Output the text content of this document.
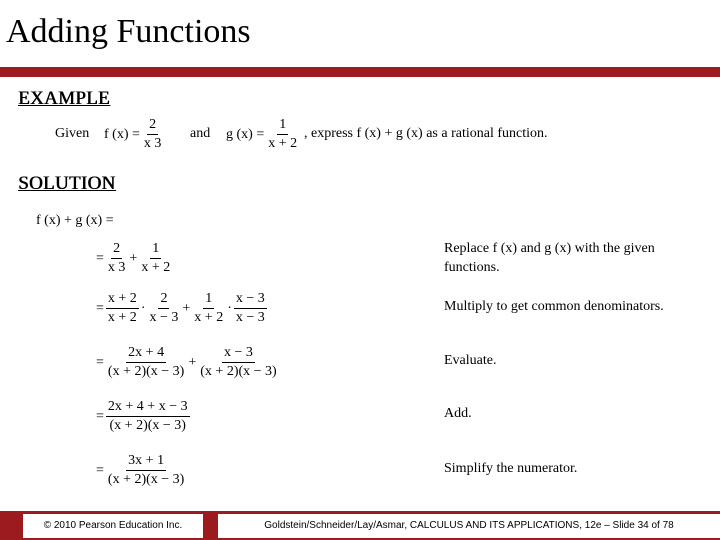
Adding Functions
EXAMPLE
Given f $(x) = \frac{2}{x 3}$ and g $(x) = \frac{1}{x + 2}$ , express f (x) + g (x) as a rational function.
SOLUTION
f (x) + g (x) =
= $\frac{2}{x 3} + \frac{1}{x + 2}$	Replace f (x) and g (x) with the given functions.
= $\frac{x + 2}{x + 2} \cdot \frac{2}{x - 3} + \frac{1}{x + 2} \cdot \frac{x - 3}{x - 3}$	Multiply to get common denominators.
= $\frac{2x + 4}{(x + 2)(x - 3)} + \frac{x - 3}{(x + 2)(x - 3)}$	Evaluate.
= $\frac{2x + 4 + x - 3}{(x + 2)(x - 3)}$	Add.
= $\frac{3x + 1}{(x + 2)(x - 3)}$	Simplify the numerator.
© 2010 Pearson Education Inc.	Goldstein/Schneider/Lay/Asmar, CALCULUS AND ITS APPLICATIONS, 12e – Slide 34 of 78
